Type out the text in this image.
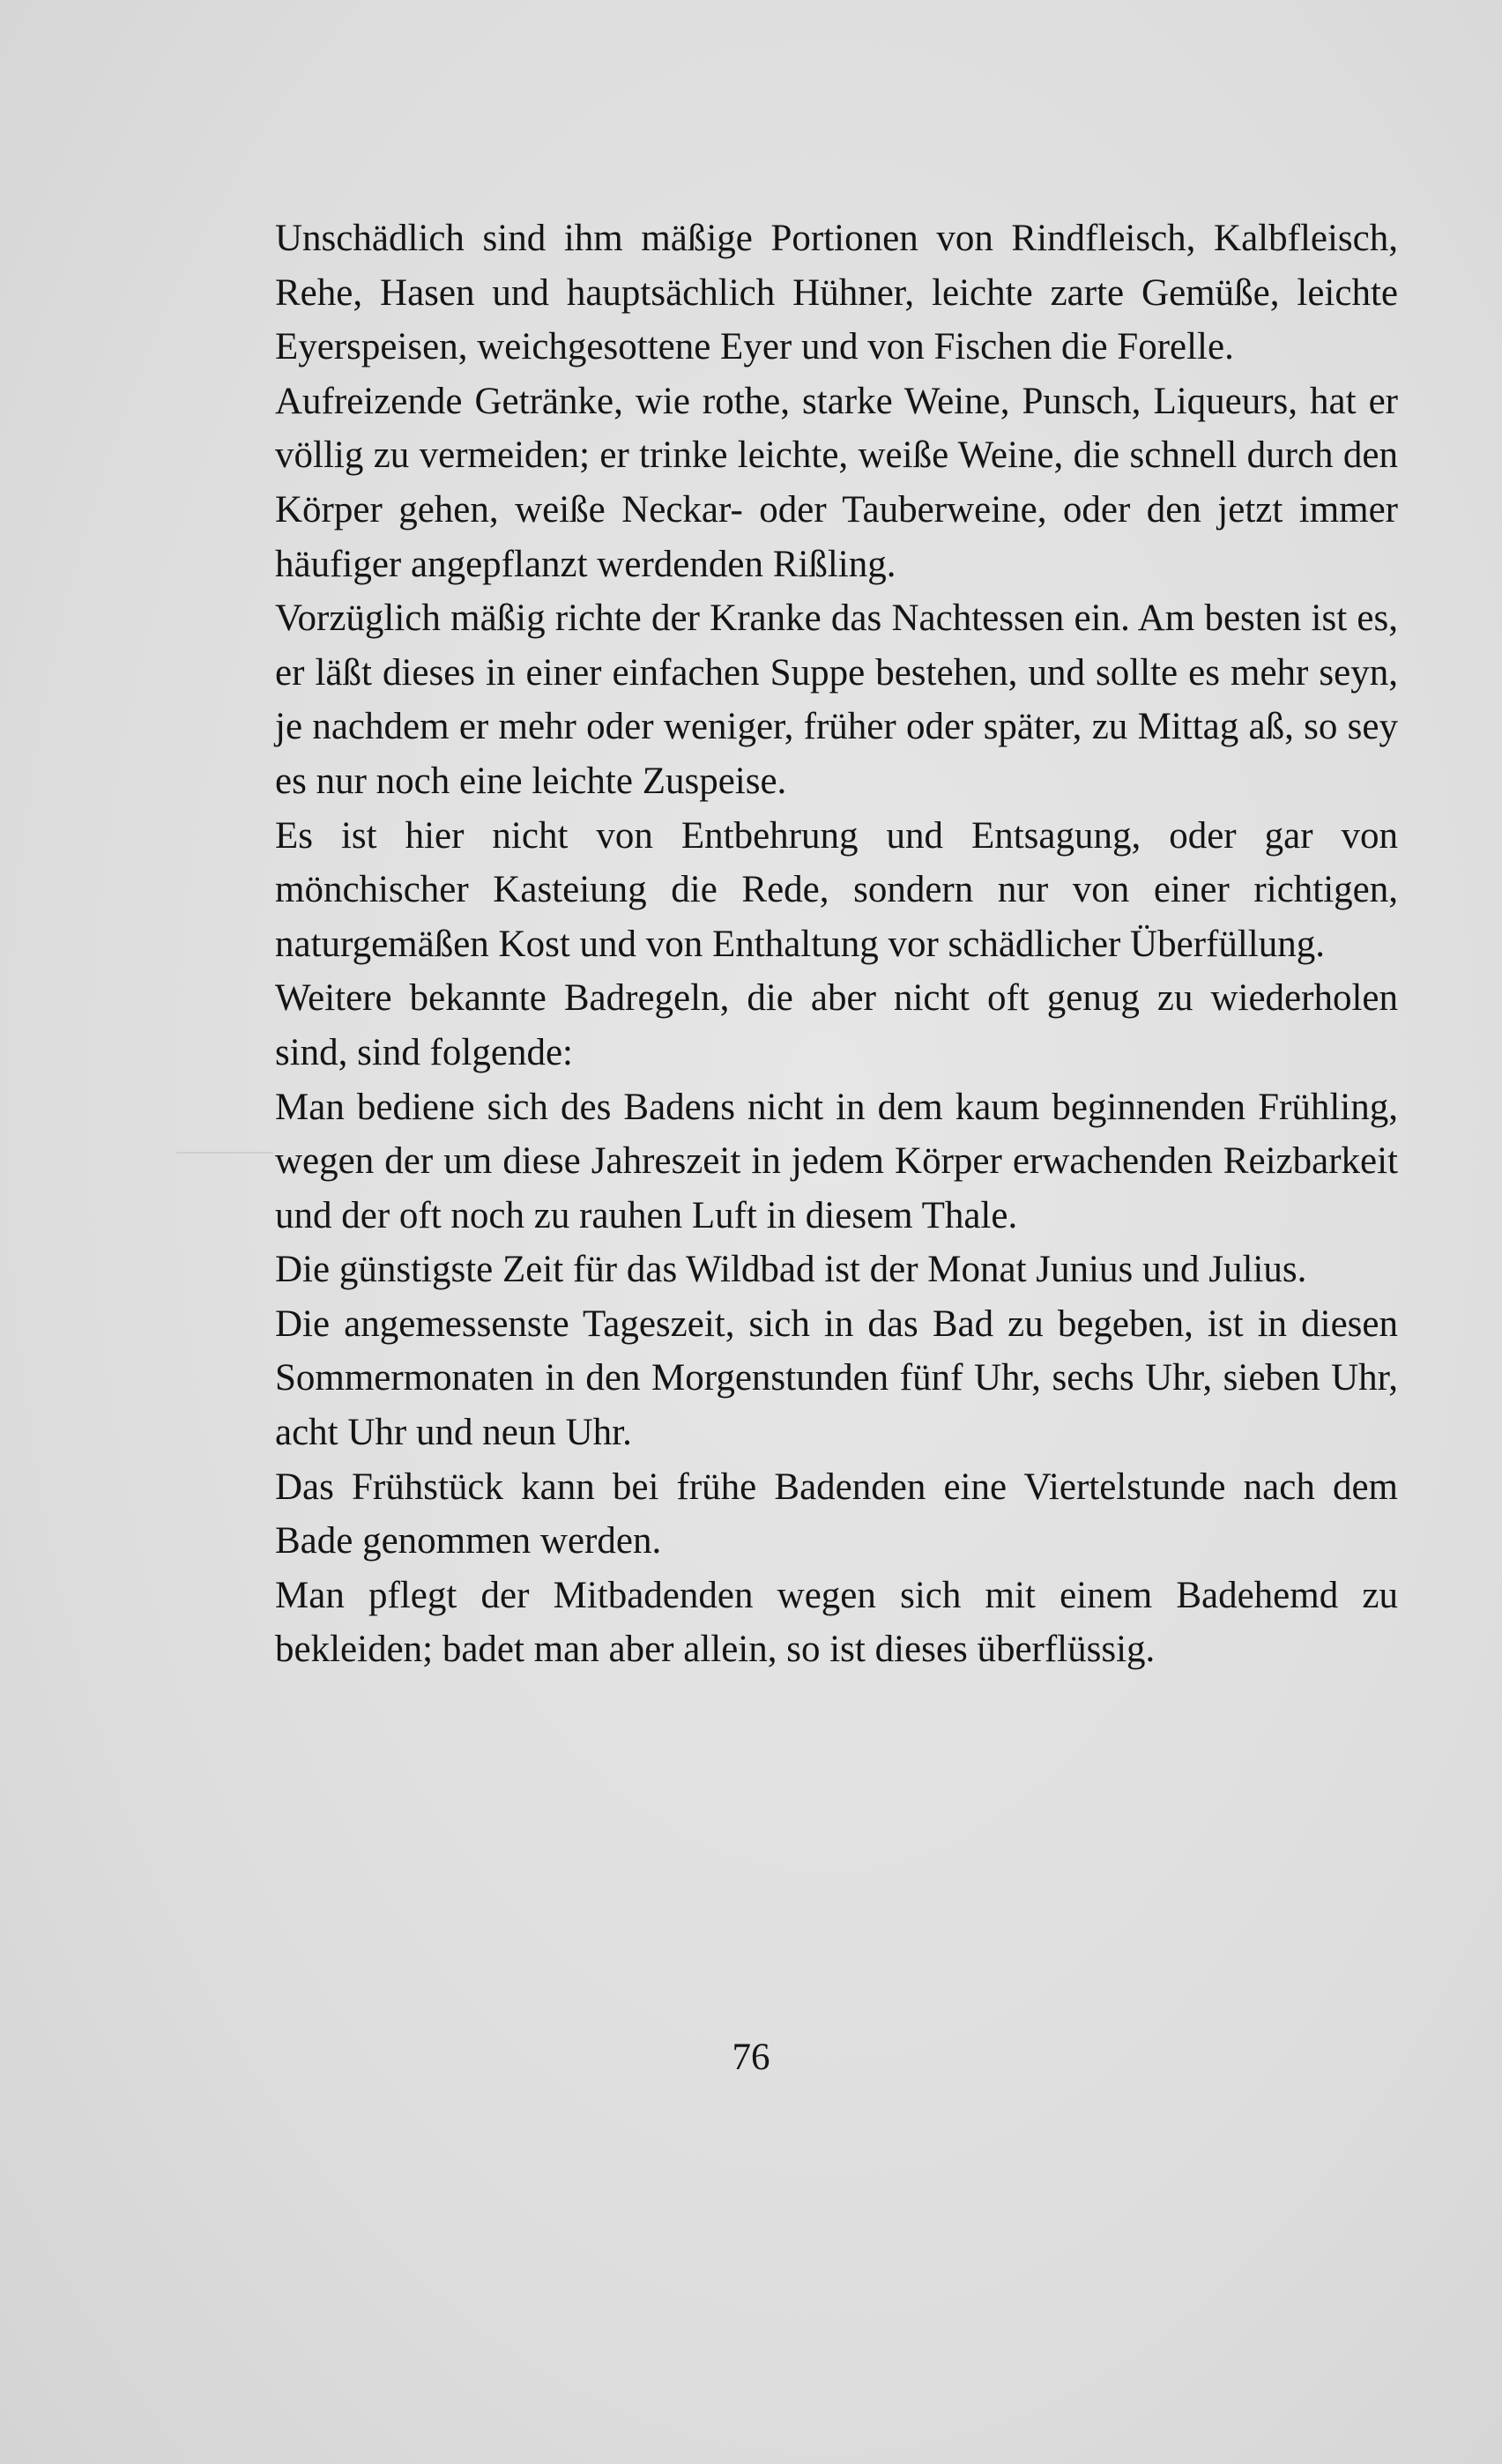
Unschädlich sind ihm mäßige Portionen von Rindfleisch, Kalbfleisch, Rehe, Hasen und hauptsächlich Hühner, leichte zarte Gemüße, leichte Eyerspeisen, weichgesottene Eyer und von Fischen die Forelle.

Aufreizende Getränke, wie rothe, starke Weine, Punsch, Liqueurs, hat er völlig zu vermeiden; er trinke leichte, weiße Weine, die schnell durch den Körper gehen, weiße Neckar- oder Tauberweine, oder den jetzt immer häufiger angepflanzt werdenden Rißling.

Vorzüglich mäßig richte der Kranke das Nachtessen ein. Am besten ist es, er läßt dieses in einer einfachen Suppe bestehen, und sollte es mehr seyn, je nachdem er mehr oder weniger, früher oder später, zu Mittag aß, so sey es nur noch eine leichte Zuspeise.

Es ist hier nicht von Entbehrung und Entsagung, oder gar von mönchischer Kasteiung die Rede, sondern nur von einer richtigen, naturgemäßen Kost und von Enthaltung vor schädlicher Überfüllung.

Weitere bekannte Badregeln, die aber nicht oft genug zu wiederholen sind, sind folgende:

Man bediene sich des Badens nicht in dem kaum beginnenden Frühling, wegen der um diese Jahreszeit in jedem Körper erwachenden Reizbarkeit und der oft noch zu rauhen Luft in diesem Thale.

Die günstigste Zeit für das Wildbad ist der Monat Junius und Julius.

Die angemessenste Tageszeit, sich in das Bad zu begeben, ist in diesen Sommermonaten in den Morgenstunden fünf Uhr, sechs Uhr, sieben Uhr, acht Uhr und neun Uhr.

Das Frühstück kann bei frühe Badenden eine Viertelstunde nach dem Bade genommen werden.

Man pflegt der Mitbadenden wegen sich mit einem Badehemd zu bekleiden; badet man aber allein, so ist dieses überflüssig.

76
